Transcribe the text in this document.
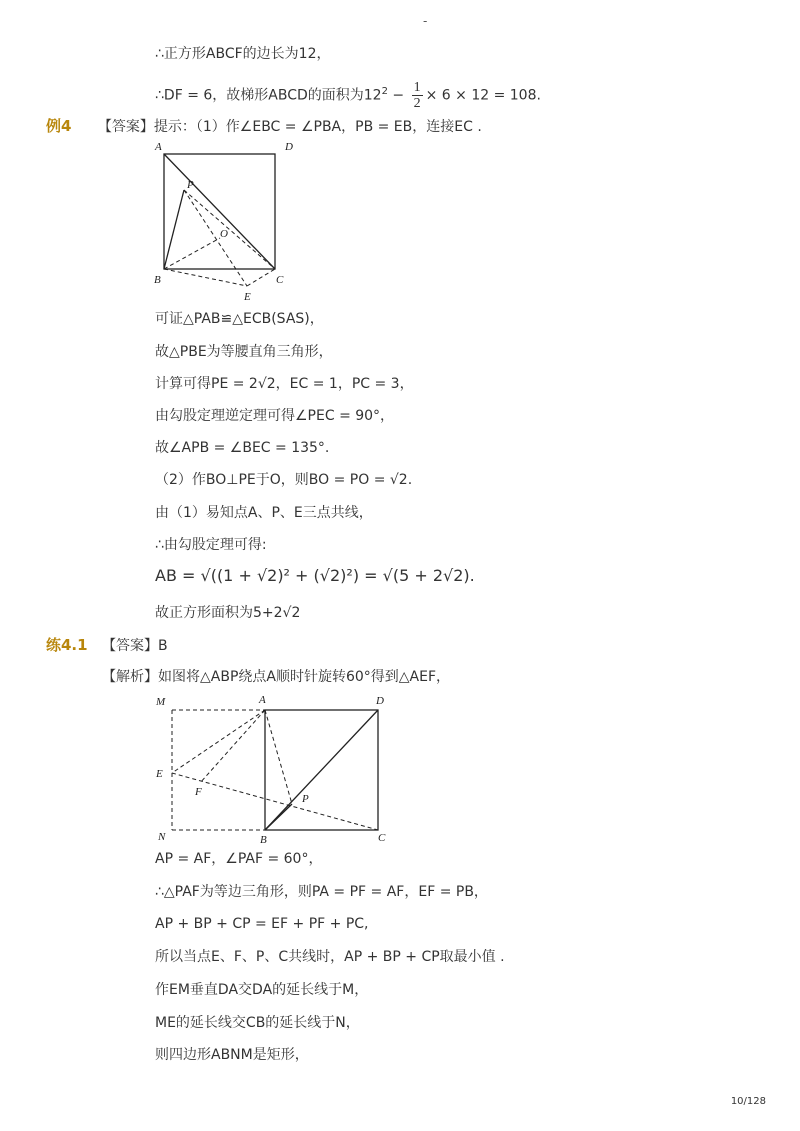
-
∴正方形ABCF的边长为12，
∴DF = 6，故梯形ABCD的面积为$12^2 - \frac{1}{2} \times 6 \times 12 = 108$.
例4 【答案】提示：（1）作∠EBC = ∠PBA，PB = EB，连接EC .
A	D
P
O
B	C
E
可证△PAB≌△ECB(SAS)，
故△PBE为等腰直角三角形，
计算可得PE = 2√2，EC = 1，PC = 3，
由勾股定理逆定理可得∠PEC = 90°，
故∠APB = ∠BEC = 135°.
（2）作BO⊥PE于O，则BO = PO = √2.
由（1）易知点A、P、E三点共线，
∴由勾股定理可得:
AB = √((1 + √2)² + (√2)²) = √(5 + 2√2).
故正方形面积为5+2√2
练4.1 【答案】B
【解析】如图将△ABP绕点A顺时针旋转60°得到△AEF，
M	A	D
E
F
P
N	B	C
AP = AF，∠PAF = 60°，
∴△PAF为等边三角形，则PA = PF = AF，EF = PB，
AP + BP + CP = EF + PF + PC,
所以当点E、F、P、C共线时，AP + BP + CP取最小值 .
作EM垂直DA交DA的延长线于M，
ME的延长线交CB的延长线于N，
则四边形ABNM是矩形，
10/128
